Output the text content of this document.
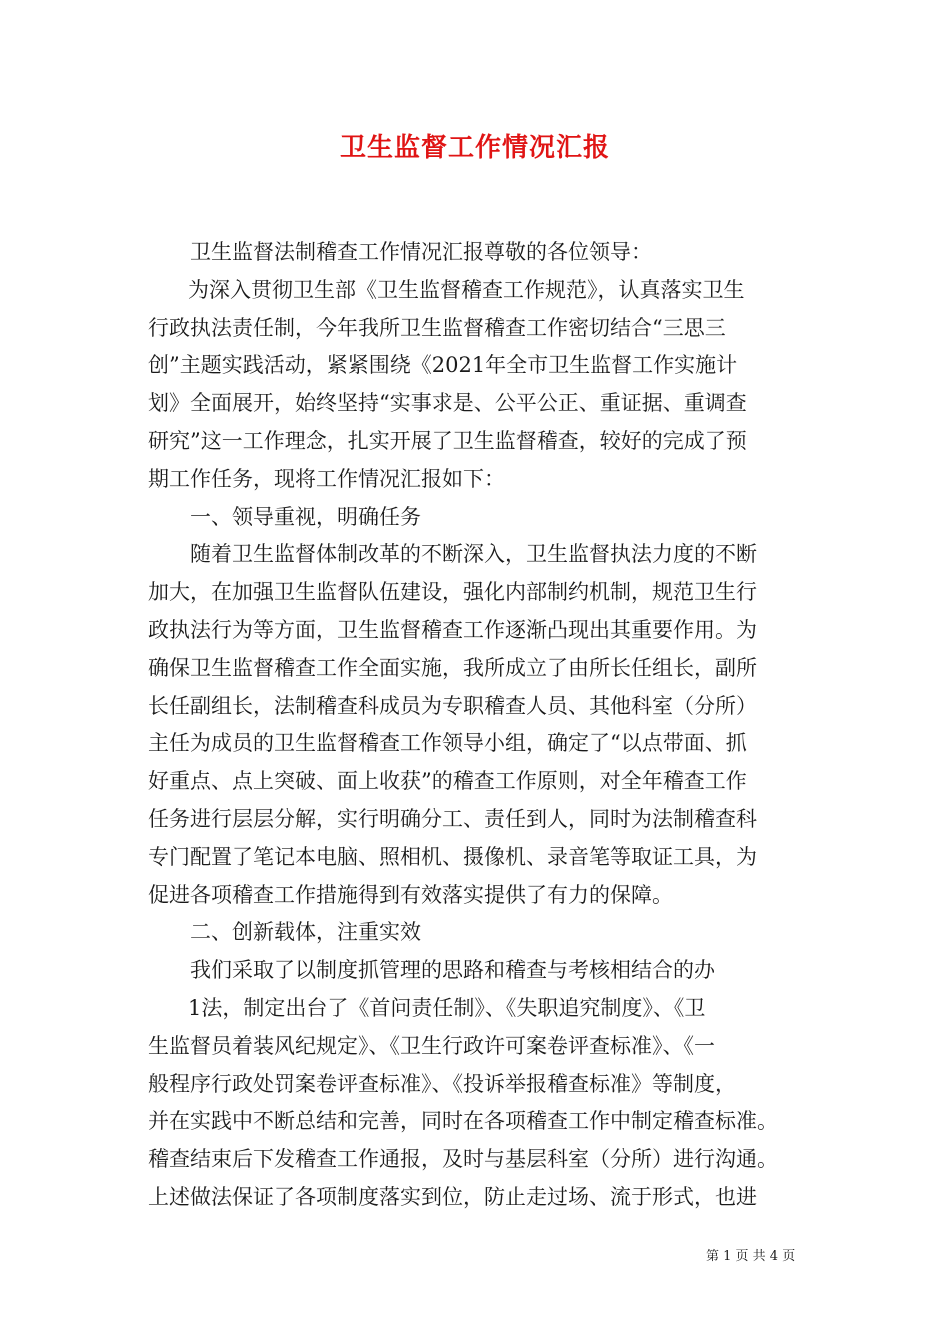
卫生监督工作情况汇报
卫生监督法制稽查工作情况汇报尊敬的各位领导：
为深入贯彻卫生部《卫生监督稽查工作规范》，认真落实卫生
行政执法责任制，今年我所卫生监督稽查工作密切结合“三思三
创”主题实践活动，紧紧围绕《2021年全市卫生监督工作实施计
划》全面展开，始终坚持“实事求是、公平公正、重证据、重调查
研究”这一工作理念，扎实开展了卫生监督稽查，较好的完成了预
期工作任务，现将工作情况汇报如下：
一、领导重视，明确任务
随着卫生监督体制改革的不断深入，卫生监督执法力度的不断
加大，在加强卫生监督队伍建设，强化内部制约机制，规范卫生行
政执法行为等方面，卫生监督稽查工作逐渐凸现出其重要作用。为
确保卫生监督稽查工作全面实施，我所成立了由所长任组长，副所
长任副组长，法制稽查科成员为专职稽查人员、其他科室（分所）
主任为成员的卫生监督稽查工作领导小组，确定了“以点带面、抓
好重点、点上突破、面上收获”的稽查工作原则，对全年稽查工作
任务进行层层分解，实行明确分工、责任到人，同时为法制稽查科
专门配置了笔记本电脑、照相机、摄像机、录音笔等取证工具，为
促进各项稽查工作措施得到有效落实提供了有力的保障。
二、创新载体，注重实效
我们采取了以制度抓管理的思路和稽查与考核相结合的办
1法，制定出台了《首问责任制》、《失职追究制度》、《卫
生监督员着装风纪规定》、《卫生行政许可案卷评查标准》、《一
般程序行政处罚案卷评查标准》、《投诉举报稽查标准》等制度，
并在实践中不断总结和完善，同时在各项稽查工作中制定稽查标准。
稽查结束后下发稽查工作通报，及时与基层科室（分所）进行沟通。
上述做法保证了各项制度落实到位，防止走过场、流于形式，也进
第 1 页 共 4 页
